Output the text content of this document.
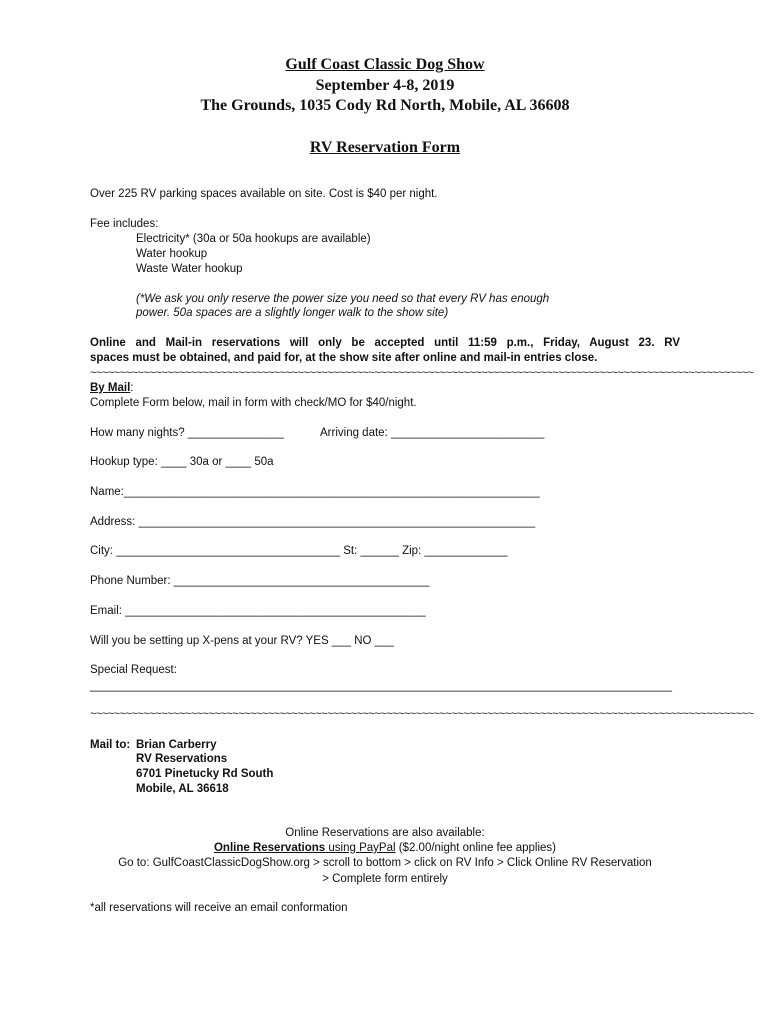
Gulf Coast Classic Dog Show
September 4-8, 2019
The Grounds, 1035 Cody Rd North, Mobile, AL 36608
RV Reservation Form
Over 225 RV parking spaces available on site. Cost is $40 per night.
Fee includes:
Electricity* (30a or 50a hookups are available)
Water hookup
Waste Water hookup
(*We ask you only reserve the power size you need so that every RV has enough
power. 50a spaces are a slightly longer walk to the show site)
Online and Mail-in reservations will only be accepted until 11:59 p.m., Friday, August 23. RV
spaces must be obtained, and paid for, at the show site after online and mail-in entries close.
~~~~~~~~~~~~~~~~~~~~~~~~~~~~~~~~~~~~~~~~~~~~~~~~~~~~~~~~~~~~~~~~~~~~~~~~~~~~~~~~~~~~~~~~~~~~~~~~~~~~~~~~~~~~~~~~
By Mail:
Complete Form below, mail in form with check/MO for $40/night.
How many nights? _______________	Arriving date: ________________________
Hookup type: ____ 30a or ____ 50a
Name:_________________________________________________________________
Address: ______________________________________________________________
City: ___________________________________ St: ______ Zip: _____________
Phone Number: ________________________________________
Email: _______________________________________________
Will you be setting up X-pens at your RV? YES ___ NO ___
Special Request:
___________________________________________________________________________________________
~~~~~~~~~~~~~~~~~~~~~~~~~~~~~~~~~~~~~~~~~~~~~~~~~~~~~~~~~~~~~~~~~~~~~~~~~~~~~~~~~~~~~~~~~~~~~~~~~~~~~~~~~~~~~~~~
Mail to: Brian Carberry
RV Reservations
6701 Pinetucky Rd South
Mobile, AL 36618
Online Reservations are also available:
Online Reservations using PayPal ($2.00/night online fee applies)
Go to: GulfCoastClassicDogShow.org > scroll to bottom > click on RV Info > Click Online RV Reservation
> Complete form entirely
*all reservations will receive an email conformation
